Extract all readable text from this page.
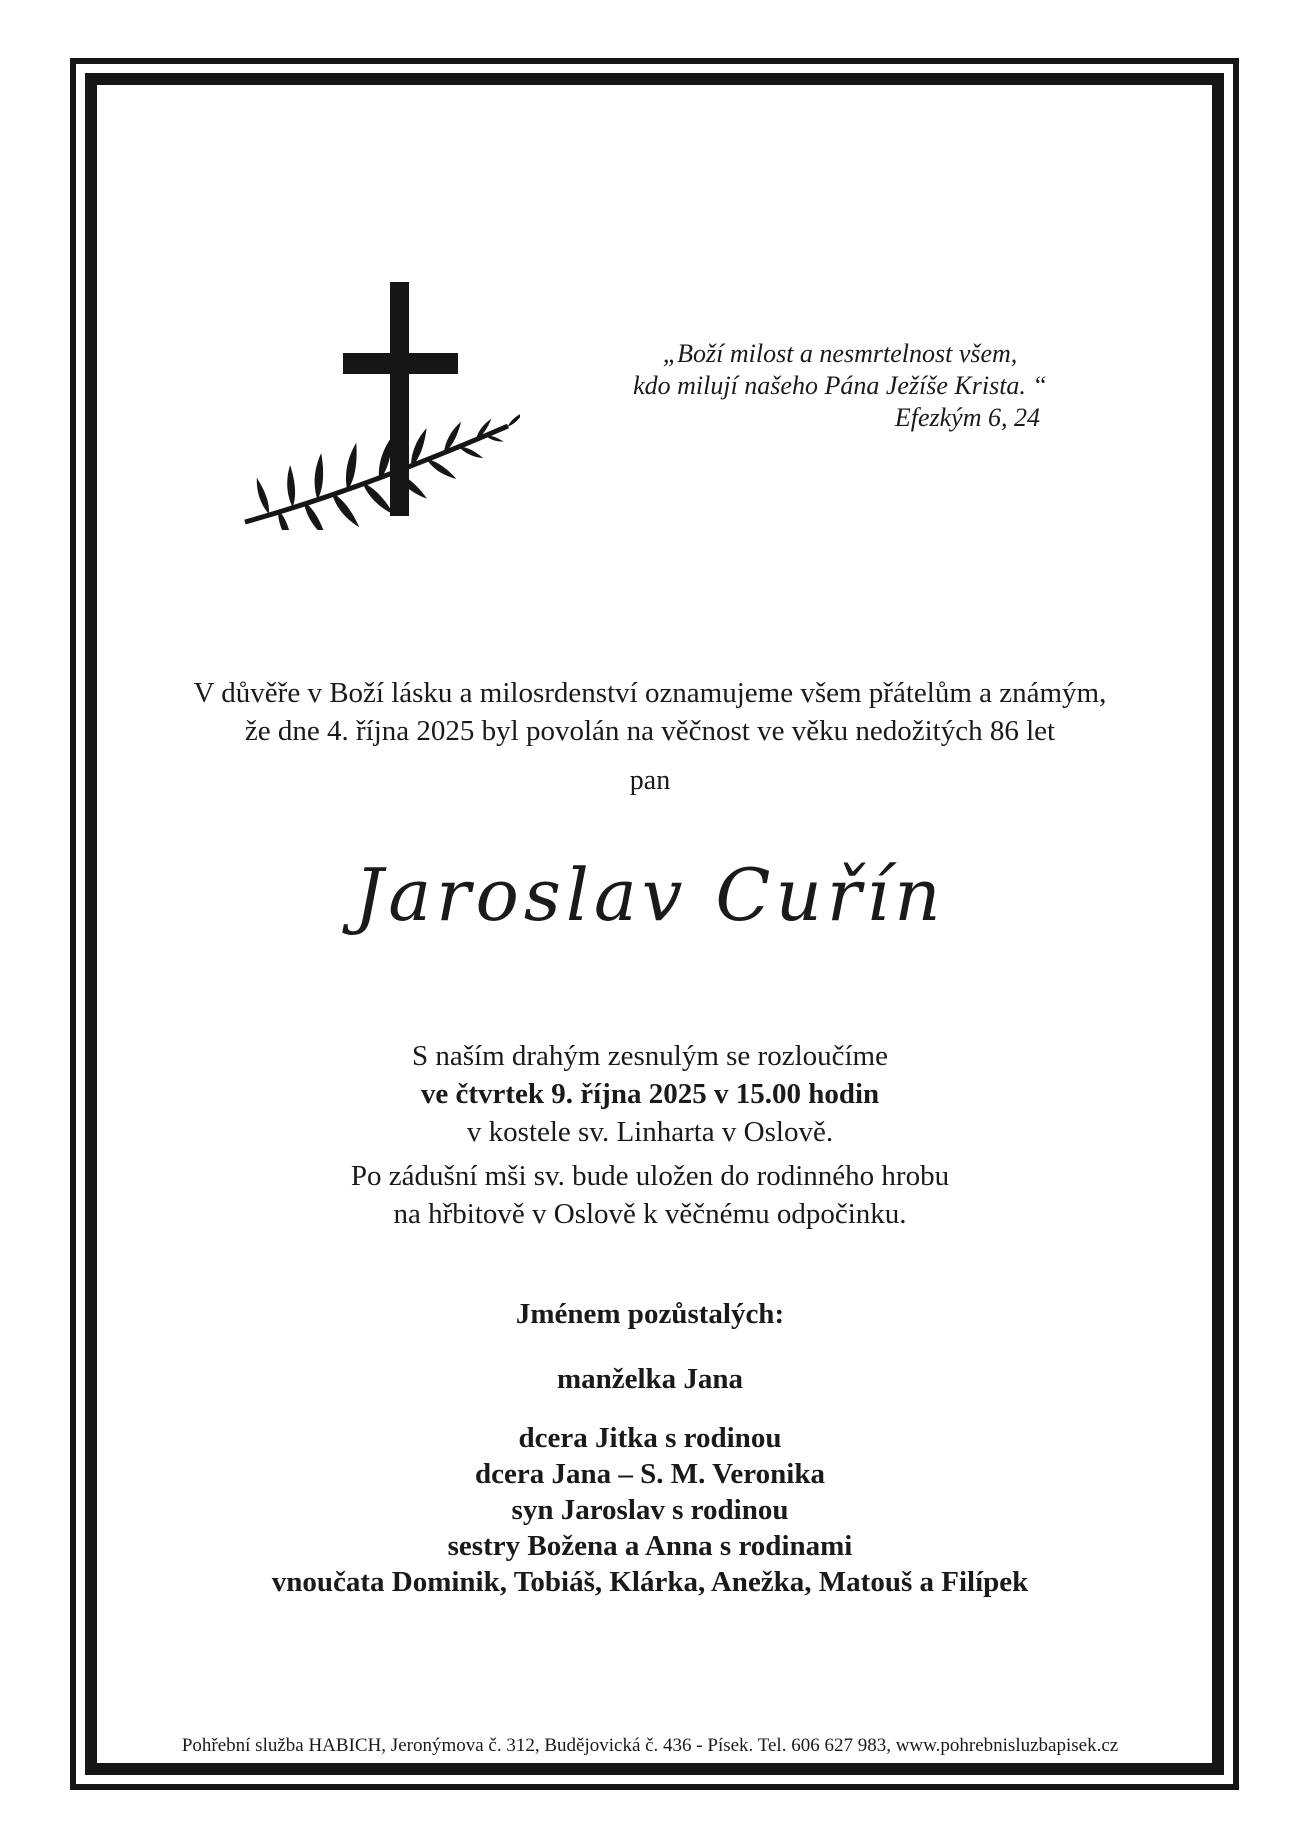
„Boží milost a nesmrtelnost všem,
kdo milují našeho Pána Ježíše Krista. “
Efezkým 6, 24
V důvěře v Boží lásku a milosrdenství oznamujeme všem přátelům a známým,
že dne 4. října 2025 byl povolán na věčnost ve věku nedožitých 86 let
pan
Jaroslav Cuřín
S naším drahým zesnulým se rozloučíme
ve čtvrtek 9. října 2025 v 15.00 hodin
v kostele sv. Linharta v Oslově.
Po zádušní mši sv. bude uložen do rodinného hrobu
na hřbitově v Oslově k věčnému odpočinku.
Jménem pozůstalých:
manželka Jana
dcera Jitka s rodinou
dcera Jana – S. M. Veronika
syn Jaroslav s rodinou
sestry Božena a Anna s rodinami
vnoučata Dominik, Tobiáš, Klárka, Anežka, Matouš a Filípek
Pohřební služba HABICH, Jeronýmova č. 312, Budějovická č. 436 - Písek. Tel. 606 627 983, www.pohrebnisluzbapisek.cz
